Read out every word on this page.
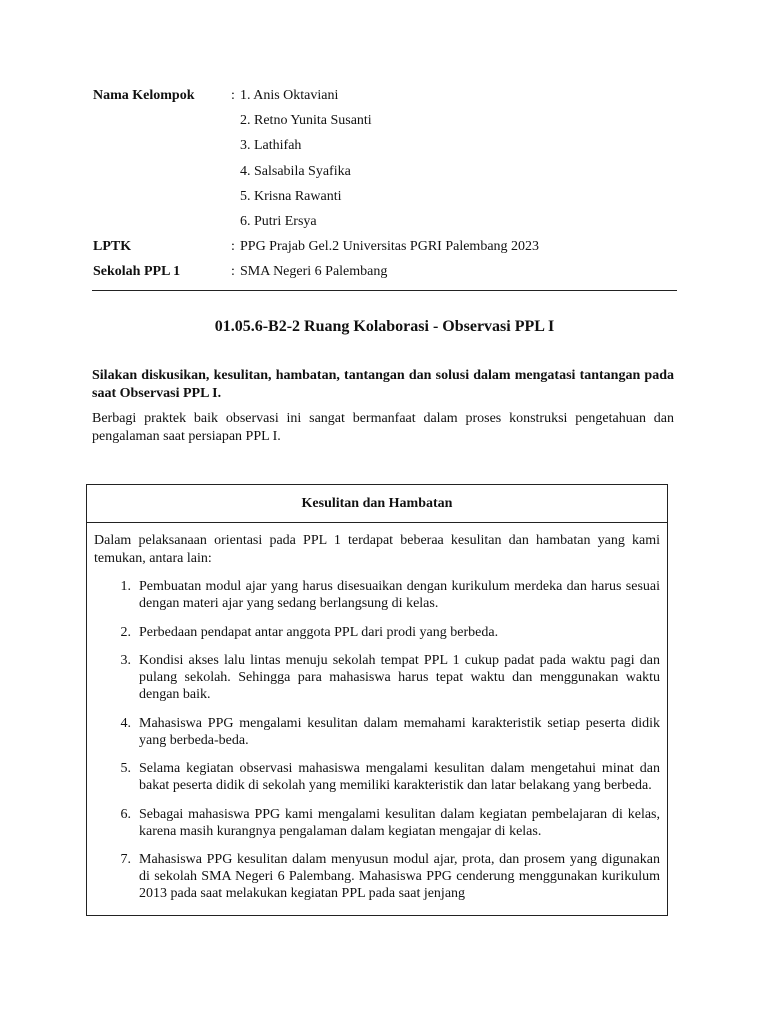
Nama Kelompok	: 1. Anis Oktaviani
2. Retno Yunita Susanti
3. Lathifah
4. Salsabila Syafika
5. Krisna Rawanti
6. Putri Ersya
LPTK	: PPG Prajab Gel.2 Universitas PGRI Palembang 2023
Sekolah PPL 1	: SMA Negeri 6 Palembang
01.05.6-B2-2 Ruang Kolaborasi - Observasi PPL I
Silakan diskusikan, kesulitan, hambatan, tantangan dan solusi dalam mengatasi tantangan pada saat Observasi PPL I.
Berbagi praktek baik observasi ini sangat bermanfaat dalam proses konstruksi pengetahuan dan pengalaman saat persiapan PPL I.
Kesulitan dan Hambatan

Dalam pelaksanaan orientasi pada PPL 1 terdapat beberaa kesulitan dan hambatan yang kami temukan, antara lain:

1. Pembuatan modul ajar yang harus disesuaikan dengan kurikulum merdeka dan harus sesuai dengan materi ajar yang sedang berlangsung di kelas.
2. Perbedaan pendapat antar anggota PPL dari prodi yang berbeda.
3. Kondisi akses lalu lintas menuju sekolah tempat PPL 1 cukup padat pada waktu pagi dan pulang sekolah. Sehingga para mahasiswa harus tepat waktu dan menggunakan waktu dengan baik.
4. Mahasiswa PPG mengalami kesulitan dalam memahami karakteristik setiap peserta didik yang berbeda-beda.
5. Selama kegiatan observasi mahasiswa mengalami kesulitan dalam mengetahui minat dan bakat peserta didik di sekolah yang memiliki karakteristik dan latar belakang yang berbeda.
6. Sebagai mahasiswa PPG kami mengalami kesulitan dalam kegiatan pembelajaran di kelas, karena masih kurangnya pengalaman dalam kegiatan mengajar di kelas.
7. Mahasiswa PPG kesulitan dalam menyusun modul ajar, prota, dan prosem yang digunakan di sekolah SMA Negeri 6 Palembang. Mahasiswa PPG cenderung menggunakan kurikulum 2013 pada saat melakukan kegiatan PPL pada saat jenjang
